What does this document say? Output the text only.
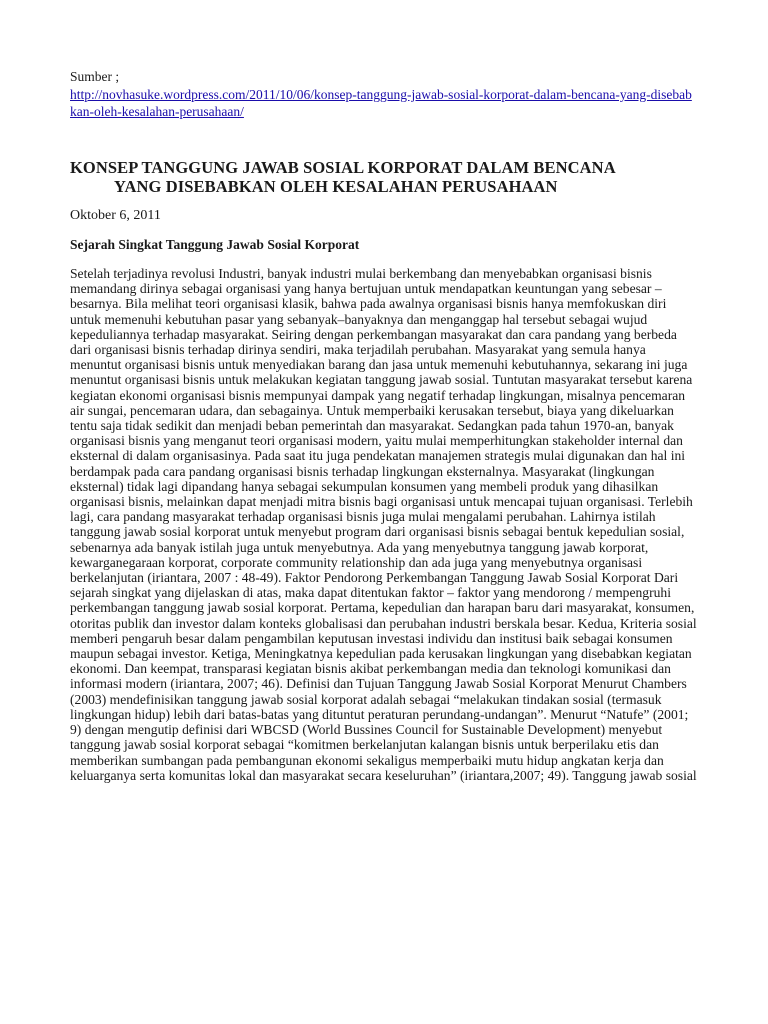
Sumber ;

http://novhasuke.wordpress.com/2011/10/06/konsep-tanggung-jawab-sosial-korporat-dalam-bencana-yang-disebabkan-oleh-kesalahan-perusahaan/
KONSEP TANGGUNG JAWAB SOSIAL KORPORAT DALAM BENCANA
YANG DISEBABKAN OLEH KESALAHAN PERUSAHAAN

Oktober 6, 2011

Sejarah Singkat Tanggung Jawab Sosial Korporat

Setelah terjadinya revolusi Industri, banyak industri mulai berkembang dan menyebabkan organisasi bisnis memandang dirinya sebagai organisasi yang hanya bertujuan untuk mendapatkan keuntungan yang sebesar – besarnya. Bila melihat teori organisasi klasik, bahwa pada awalnya organisasi bisnis hanya memfokuskan diri untuk memenuhi kebutuhan pasar yang sebanyak–banyaknya dan menganggap hal tersebut sebagai wujud kepeduliannya terhadap masyarakat. Seiring dengan perkembangan masyarakat dan cara pandang yang berbeda dari organisasi bisnis terhadap dirinya sendiri, maka terjadilah perubahan. Masyarakat yang semula hanya menuntut organisasi bisnis untuk menyediakan barang dan jasa untuk memenuhi kebutuhannya, sekarang ini juga menuntut organisasi bisnis untuk melakukan kegiatan tanggung jawab sosial. Tuntutan masyarakat tersebut karena kegiatan ekonomi organisasi bisnis mempunyai dampak yang negatif terhadap lingkungan, misalnya pencemaran air sungai, pencemaran udara, dan sebagainya. Untuk memperbaiki kerusakan tersebut, biaya yang dikeluarkan tentu saja tidak sedikit dan menjadi beban pemerintah dan masyarakat. Sedangkan pada tahun 1970-an, banyak organisasi bisnis yang menganut teori organisasi modern, yaitu mulai memperhitungkan stakeholder internal dan eksternal di dalam organisasinya. Pada saat itu juga pendekatan manajemen strategis mulai digunakan dan hal ini berdampak pada cara pandang organisasi bisnis terhadap lingkungan eksternalnya. Masyarakat (lingkungan eksternal) tidak lagi dipandang hanya sebagai sekumpulan konsumen yang membeli produk yang dihasilkan organisasi bisnis, melainkan dapat menjadi mitra bisnis bagi organisasi untuk mencapai tujuan organisasi. Terlebih lagi, cara pandang masyarakat terhadap organisasi bisnis juga mulai mengalami perubahan. Lahirnya istilah tanggung jawab sosial korporat untuk menyebut program dari organisasi bisnis sebagai bentuk kepedulian sosial, sebenarnya ada banyak istilah juga untuk menyebutnya. Ada yang menyebutnya tanggung jawab korporat, kewarganegaraan korporat, corporate community relationship dan ada juga yang menyebutnya organisasi berkelanjutan (iriantara, 2007 : 48-49). Faktor Pendorong Perkembangan Tanggung Jawab Sosial Korporat Dari sejarah singkat yang dijelaskan di atas, maka dapat ditentukan faktor – faktor yang mendorong / mempengruhi perkembangan tanggung jawab sosial korporat. Pertama, kepedulian dan harapan baru dari masyarakat, konsumen, otoritas publik dan investor dalam konteks globalisasi dan perubahan industri berskala besar. Kedua, Kriteria sosial memberi pengaruh besar dalam pengambilan keputusan investasi individu dan institusi baik sebagai konsumen maupun sebagai investor. Ketiga, Meningkatnya kepedulian pada kerusakan lingkungan yang disebabkan kegiatan ekonomi. Dan keempat, transparasi kegiatan bisnis akibat perkembangan media dan teknologi komunikasi dan informasi modern (iriantara, 2007; 46). Definisi dan Tujuan Tanggung Jawab Sosial Korporat Menurut Chambers (2003) mendefinisikan tanggung jawab sosial korporat adalah sebagai “melakukan tindakan sosial (termasuk lingkungan hidup) lebih dari batas-batas yang dituntut peraturan perundang-undangan”. Menurut “Natufe” (2001; 9) dengan mengutip definisi dari WBCSD (World Bussines Council for Sustainable Development) menyebut tanggung jawab sosial korporat sebagai “komitmen berkelanjutan kalangan bisnis untuk berperilaku etis dan memberikan sumbangan pada pembangunan ekonomi sekaligus memperbaiki mutu hidup angkatan kerja dan keluarganya serta komunitas lokal dan masyarakat secara keseluruhan” (iriantara,2007; 49). Tanggung jawab sosial
